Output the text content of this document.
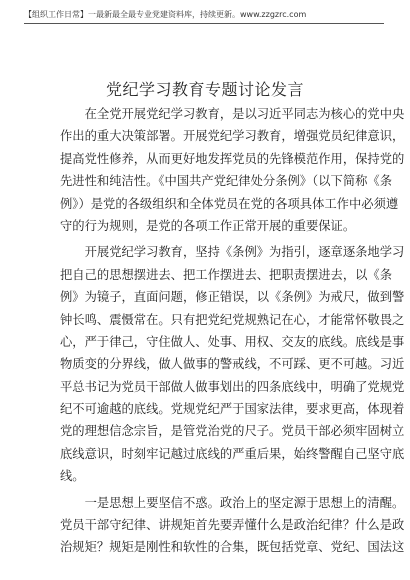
【组织工作日常】一最新最全最专业党建资料库，持续更新。www.zzgzrc.com
党纪学习教育专题讨论发言
　　在全党开展党纪学习教育，是以习近平同志为核心的党中央
作出的重大决策部署。开展党纪学习教育，增强党员纪律意识，
提高党性修养，从而更好地发挥党员的先锋模范作用，保持党的
先进性和纯洁性。《中国共产党纪律处分条例》（以下简称《条
例》）是党的各级组织和全体党员在党的各项具体工作中必须遵
守的行为规则，是党的各项工作正常开展的重要保证。
　　开展党纪学习教育，坚持《条例》为指引，逐章逐条地学习
把自己的思想摆进去、把工作摆进去、把职责摆进去，以《条
例》为镜子，直面问题，修正错误，以《条例》为戒尺，做到警
钟长鸣、震慑常在。只有把党纪党规熟记在心，才能常怀敬畏之
心，严于律己，守住做人、处事、用权、交友的底线。底线是事
物质变的分界线，做人做事的警戒线，不可踩、更不可越。习近
平总书记为党员干部做人做事划出的四条底线中，明确了党规党
纪不可逾越的底线。党规党纪严于国家法律，要求更高，体现着
党的理想信念宗旨，是管党治党的尺子。党员干部必须牢固树立
底线意识，时刻牢记越过底线的严重后果，始终警醒自己坚守底
线。
　　一是思想上要坚信不惑。政治上的坚定源于思想上的清醒。
党员干部守纪律、讲规矩首先要弄懂什么是政治纪律？什么是政
治规矩？规矩是刚性和软性的合集，既包括党章、党纪、国法这
